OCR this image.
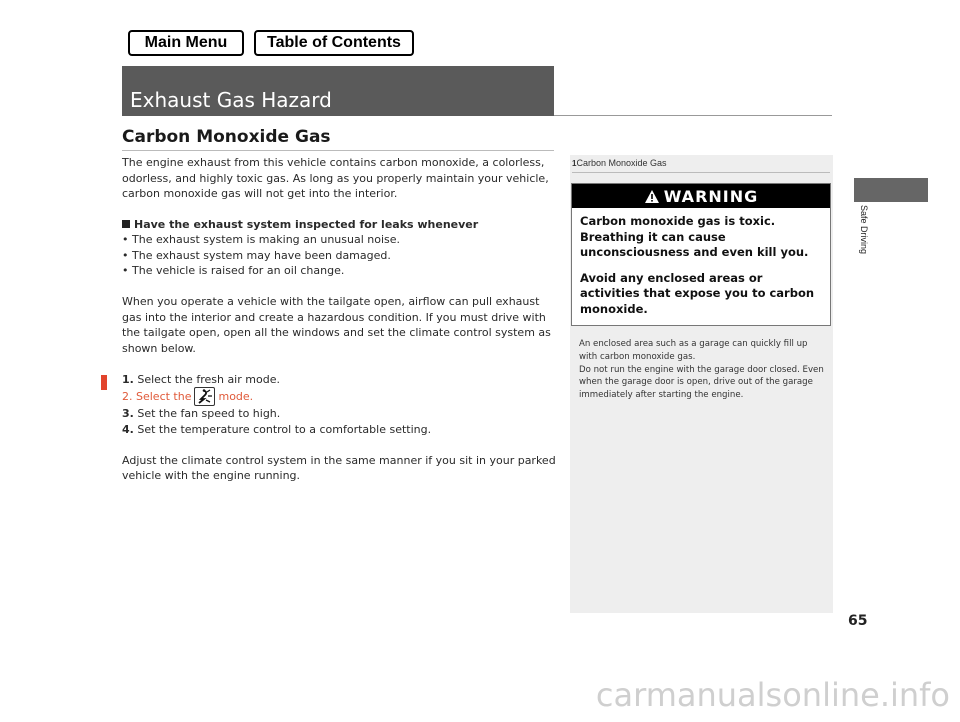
Main Menu	Table of Contents
Exhaust Gas Hazard
Carbon Monoxide Gas

The engine exhaust from this vehicle contains carbon monoxide, a colorless, odorless, and highly toxic gas. As long as you properly maintain your vehicle, carbon monoxide gas will not get into the interior.

Have the exhaust system inspected for leaks whenever

• The exhaust system is making an unusual noise.
• The exhaust system may have been damaged.
• The vehicle is raised for an oil change.

When you operate a vehicle with the tailgate open, airflow can pull exhaust gas into the interior and create a hazardous condition. If you must drive with the tailgate open, open all the windows and set the climate control system as shown below.

1. Select the fresh air mode.
2. Select the mode.
3. Set the fan speed to high.
4. Set the temperature control to a comfortable setting.

Adjust the climate control system in the same manner if you sit in your parked vehicle with the engine running.

1Carbon Monoxide Gas
WARNING

Carbon monoxide gas is toxic. Breathing it can cause unconsciousness and even kill you.

Avoid any enclosed areas or activities that expose you to carbon monoxide.

An enclosed area such as a garage can quickly fill up with carbon monoxide gas.

Do not run the engine with the garage door closed. Even when the garage door is open, drive out of the garage immediately after starting the engine.

Safe Driving
65
carmanualsonline.info
